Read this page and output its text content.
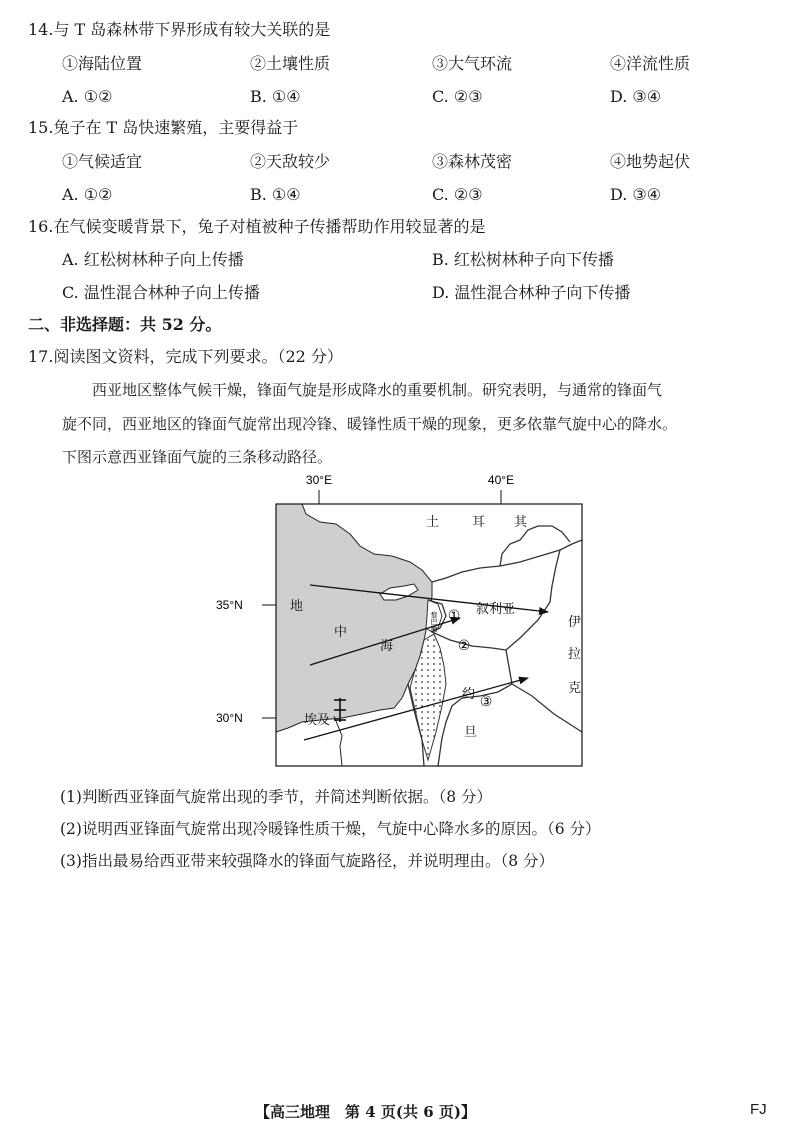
14.与 T 岛森林带下界形成有较大关联的是
①海陆位置	②土壤性质	③大气环流	④洋流性质
A. ①②	B. ①④	C. ②③	D. ③④
15.兔子在 T 岛快速繁殖，主要得益于
①气候适宜	②天敌较少	③森林茂密	④地势起伏
A. ①②	B. ①④	C. ②③	D. ③④
16.在气候变暖背景下，兔子对植被种子传播帮助作用较显著的是
A. 红松树林种子向上传播	B. 红松树林种子向下传播
C. 温性混合林种子向上传播	D. 温性混合林种子向下传播
二、非选择题：共 52 分。
17.阅读图文资料，完成下列要求。（22 分）
西亚地区整体气候干燥，锋面气旋是形成降水的重要机制。研究表明，与通常的锋面气
旋不同，西亚地区的锋面气旋常出现冷锋、暖锋性质干燥的现象，更多依靠气旋中心的降水。
下图示意西亚锋面气旋的三条移动路径。
30°E	40°E
35°N
30°N
黎巴嫩 ①
②
③
土	耳 其
叙利亚
伊
拉
克
约
旦
埃及
地
中
海
(1)判断西亚锋面气旋常出现的季节，并简述判断依据。（8 分）
(2)说明西亚锋面气旋常出现冷暖锋性质干燥，气旋中心降水多的原因。（6 分）
(3)指出最易给西亚带来较强降水的锋面气旋路径，并说明理由。（8 分）
【高三地理　第 4 页(共 6 页)】	FJ
